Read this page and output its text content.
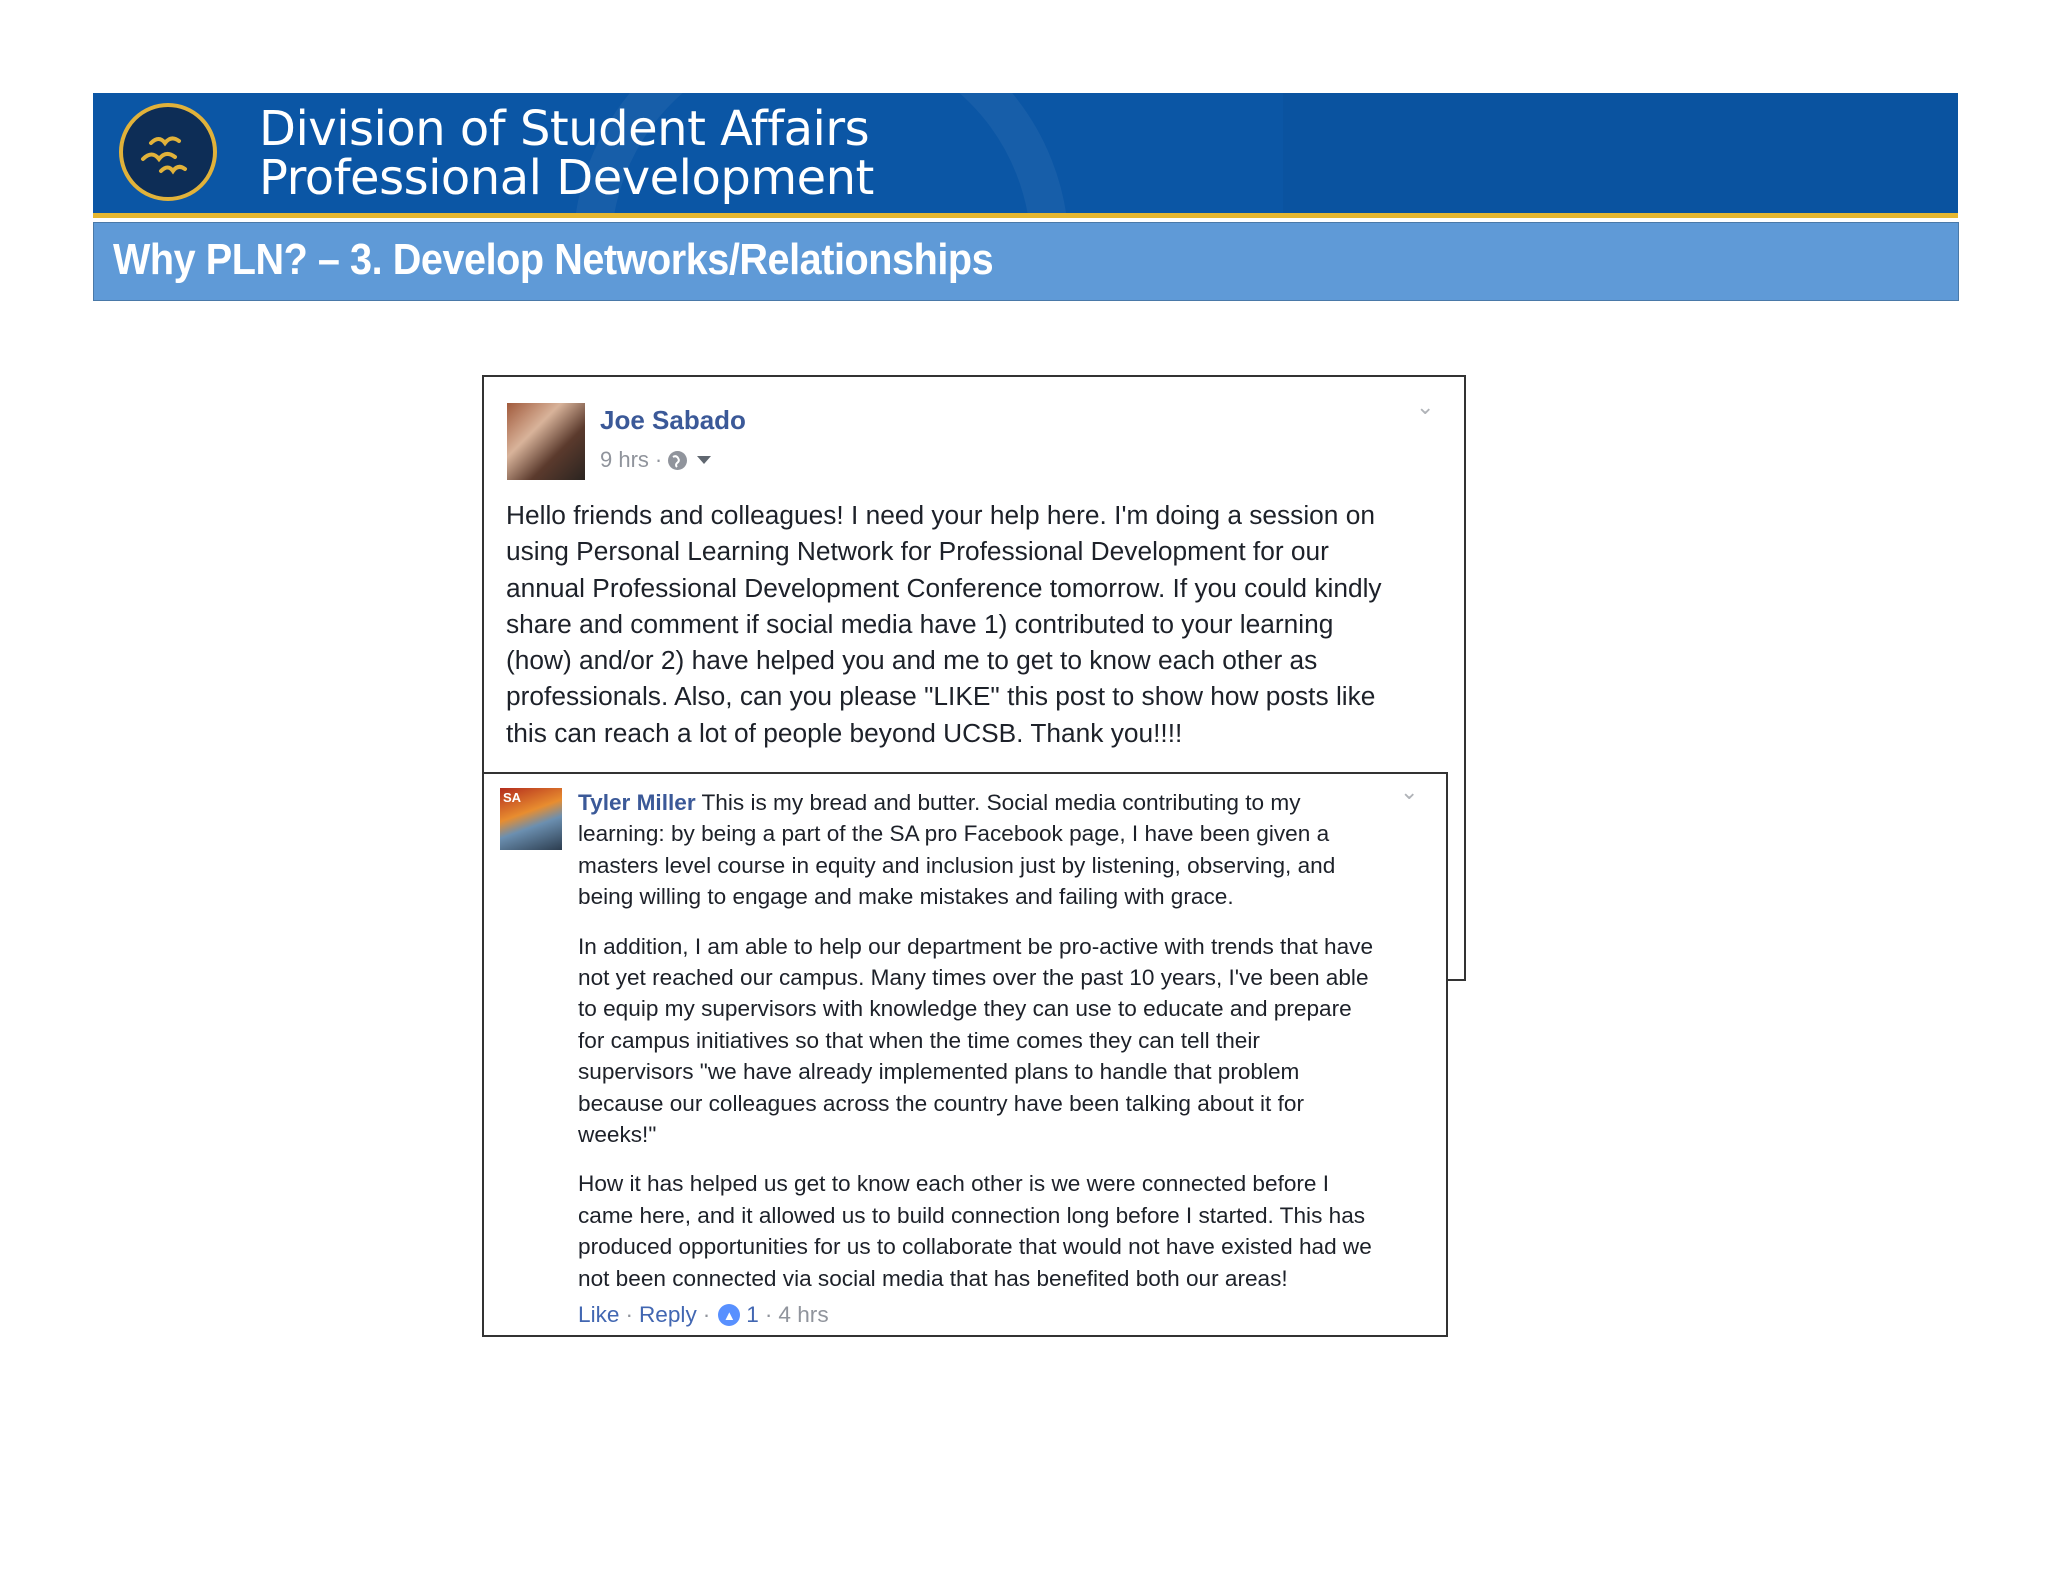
Division of Student Affairs
Professional Development
Why PLN? – 3. Develop Networks/Relationships
Joe Sabado
9 hrs ·
⌄
Hello friends and colleagues! I need your help here. I'm doing a session on
using Personal Learning Network for Professional Development for our
annual Professional Development Conference tomorrow. If you could kindly
share and comment if social media have 1) contributed to your learning
(how) and/or 2) have helped you and me to get to know each other as
professionals. Also, can you please "LIKE" this post to show how posts like
this can reach a lot of people beyond UCSB. Thank you!!!!
SA	⌄

Tyler Miller This is my bread and butter. Social media contributing to my
learning: by being a part of the SA pro Facebook page, I have been given a
masters level course in equity and inclusion just by listening, observing, and
being willing to engage and make mistakes and failing with grace.

In addition, I am able to help our department be pro-active with trends that have
not yet reached our campus. Many times over the past 10 years, I've been able
to equip my supervisors with knowledge they can use to educate and prepare
for campus initiatives so that when the time comes they can tell their
supervisors "we have already implemented plans to handle that problem
because our colleagues across the country have been talking about it for
weeks!"

How it has helped us get to know each other is we were connected before I
came here, and it allowed us to build connection long before I started. This has
produced opportunities for us to collaborate that would not have existed had we
not been connected via social media that has benefited both our areas!

Like · Reply · ▲ 1 · 4 hrs
